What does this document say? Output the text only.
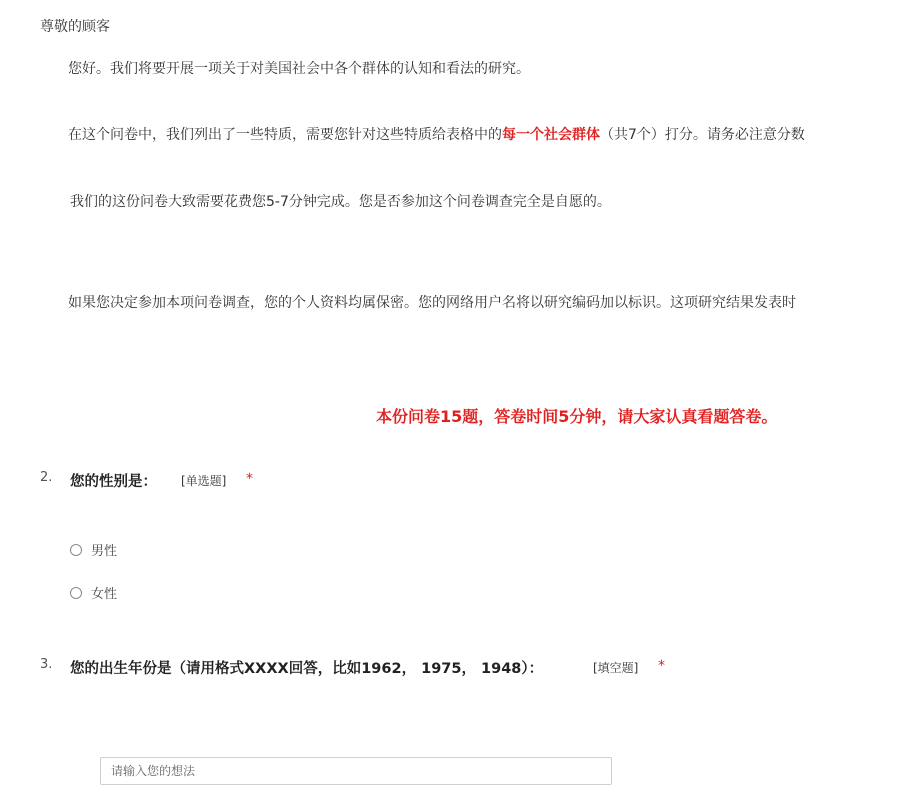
尊敬的顾客
您好。我们将要开展一项关于对美国社会中各个群体的认知和看法的研究。
在这个问卷中，我们列出了一些特质，需要您针对这些特质给表格中的每一个社会群体（共7个）打分。请务必注意分数
我们的这份问卷大致需要花费您5-7分钟完成。您是否参加这个问卷调查完全是自愿的。
如果您决定参加本项问卷调查，您的个人资料均属保密。您的网络用户名将以研究编码加以标识。这项研究结果发表时
本份问卷15题，答卷时间5分钟，请大家认真看题答卷。
2. 您的性别是： [单选题] *
男性
女性
3. 您的出生年份是（请用格式XXXX回答，比如1962， 1975， 1948）：	[填空题] *
请输入您的想法
